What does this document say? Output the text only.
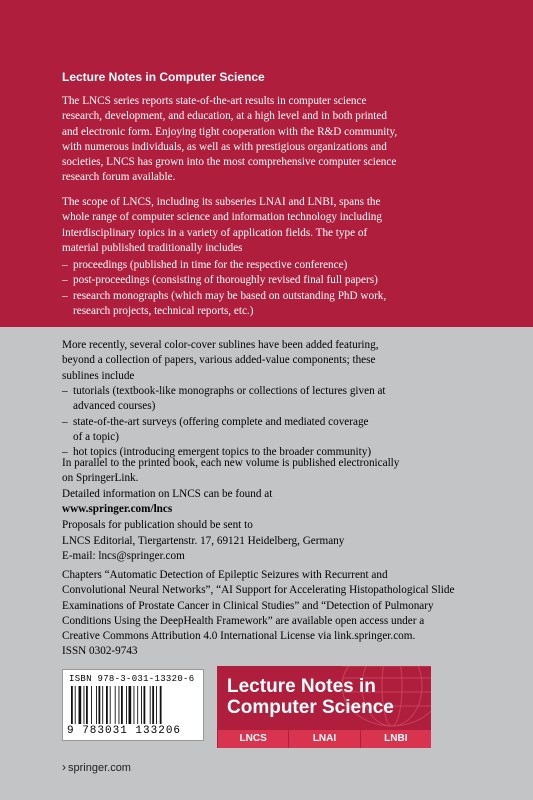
Lecture Notes in Computer Science

The LNCS series reports state-of-the-art results in computer science

research, development, and education, at a high level and in both printed

and electronic form. Enjoying tight cooperation with the R&D community,

with numerous individuals, as well as with prestigious organizations and

societies, LNCS has grown into the most comprehensive computer science

research forum available.

The scope of LNCS, including its subseries LNAI and LNBI, spans the

whole range of computer science and information technology including

interdisciplinary topics in a variety of application fields. The type of

material published traditionally includes

– proceedings (published in time for the respective conference)
– post-proceedings (consisting of thoroughly revised final full papers)
– research monographs (which may be based on outstanding PhD work,
research projects, technical reports, etc.)

More recently, several color-cover sublines have been added featuring,

beyond a collection of papers, various added-value components; these

sublines include

– tutorials (textbook-like monographs or collections of lectures given at
advanced courses)
– state-of-the-art surveys (offering complete and mediated coverage
of a topic)
– hot topics (introducing emergent topics to the broader community)

In parallel to the printed book, each new volume is published electronically

on SpringerLink.

Detailed information on LNCS can be found at

www.springer.com/lncs

Proposals for publication should be sent to

LNCS Editorial, Tiergartenstr. 17, 69121 Heidelberg, Germany

E-mail: lncs@springer.com

Chapters “Automatic Detection of Epileptic Seizures with Recurrent and

Convolutional Neural Networks”, “AI Support for Accelerating Histopathological Slide

Examinations of Prostate Cancer in Clinical Studies” and “Detection of Pulmonary

Conditions Using the DeepHealth Framework” are available open access under a

Creative Commons Attribution 4.0 International License via link.springer.com.

ISSN 0302-9743
ISBN 978-3-031-13320-6
9 783031 133206
Lecture Notes in
Computer Science
LNCS	LNAI	LNBI
› springer.com
